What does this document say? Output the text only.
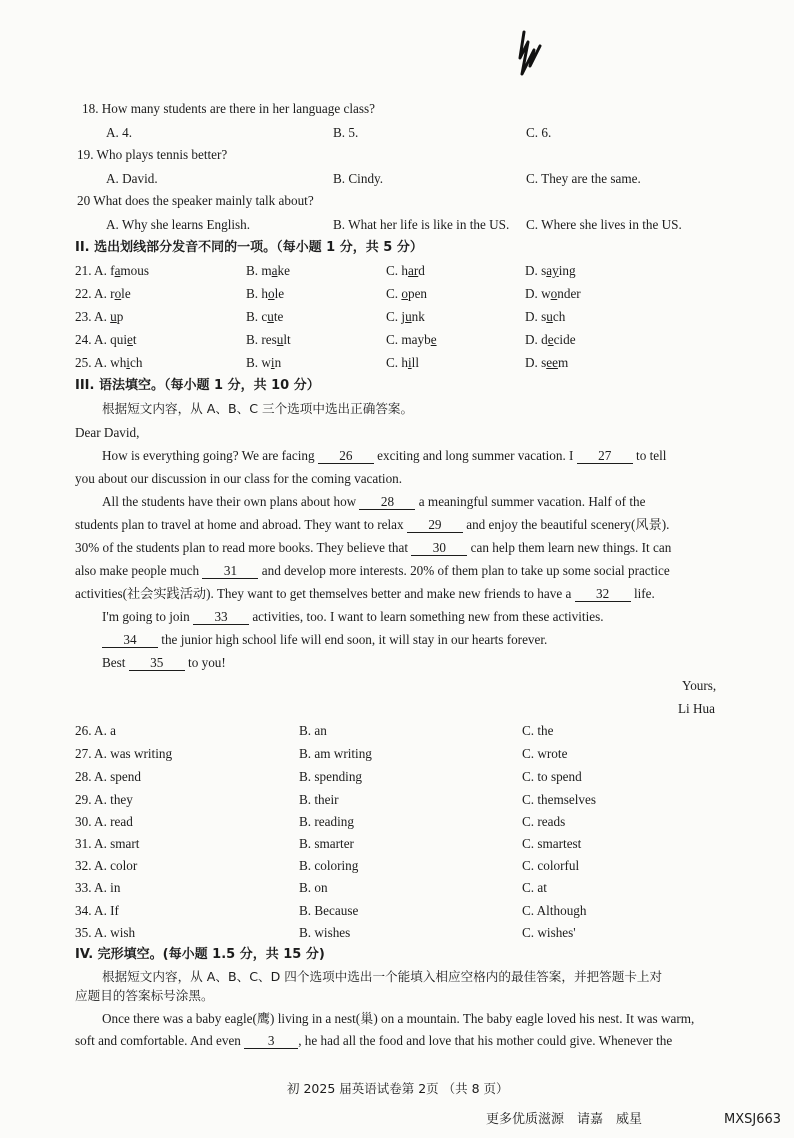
18. How many students are there in her language class?
A. 4.	B. 5.	C. 6.
19. Who plays tennis better?
A. David.	B. Cindy.	C. They are the same.
20 What does the speaker mainly talk about?
A. Why she learns English.	B. What her life is like in the US. C. Where she lives in the US.
II. 选出划线部分发音不同的一项。（每小题 1 分，共 5 分）
21. A. famous	B. make	C. hard	D. saying
22. A. role	B. hole	C. open	D. wonder
23. A. up	B. cute	C. junk	D. such
24. A. quiet	B. result	C. maybe	D. decide
25. A. which	B. win	C. hill	D. seem
III. 语法填空。（每小题 1 分，共 10 分）
根据短文内容，从 A、B、C 三个选项中选出正确答案。
Dear David,
How is everything going? We are facing 26 exciting and long summer vacation. I 27 to tell
you about our discussion in our class for the coming vacation.
All the students have their own plans about how 28 a meaningful summer vacation. Half of the
students plan to travel at home and abroad. They want to relax 29 and enjoy the beautiful scenery(风景).
30% of the students plan to read more books. They believe that 30 can help them learn new things. It can
also make people much 31 and develop more interests. 20% of them plan to take up some social practice
activities(社会实践活动). They want to get themselves better and make new friends to have a 32 life.
I'm going to join 33 activities, too. I want to learn something new from these activities.
34 the junior high school life will end soon, it will stay in our hearts forever.
Best 35 to you!
Yours,
Li Hua
26. A. a	B. an	C. the
27. A. was writing	B. am writing	C. wrote
28. A. spend	B. spending	C. to spend
29. A. they	B. their	C. themselves
30. A. read	B. reading	C. reads
31. A. smart	B. smarter	C. smartest
32. A. color	B. coloring	C. colorful
33. A. in	B. on	C. at
34. A. If	B. Because	C. Although
35. A. wish	B. wishes	C. wishes'
IV. 完形填空。(每小题 1.5 分，共 15 分)
根据短文内容，从 A、B、C、D 四个选项中选出一个能填入相应空格内的最佳答案，并把答题卡上对
应题目的答案标号涂黑。
Once there was a baby eagle(鹰) living in a nest(巢) on a mountain. The baby eagle loved his nest. It was warm,
soft and comfortable. And even 3 , he had all the food and love that his mother could give. Whenever the
初 2025 届英语试卷第 2页 （共 8 页）
更多优质滋源　请嘉　威星	MXSJ663
